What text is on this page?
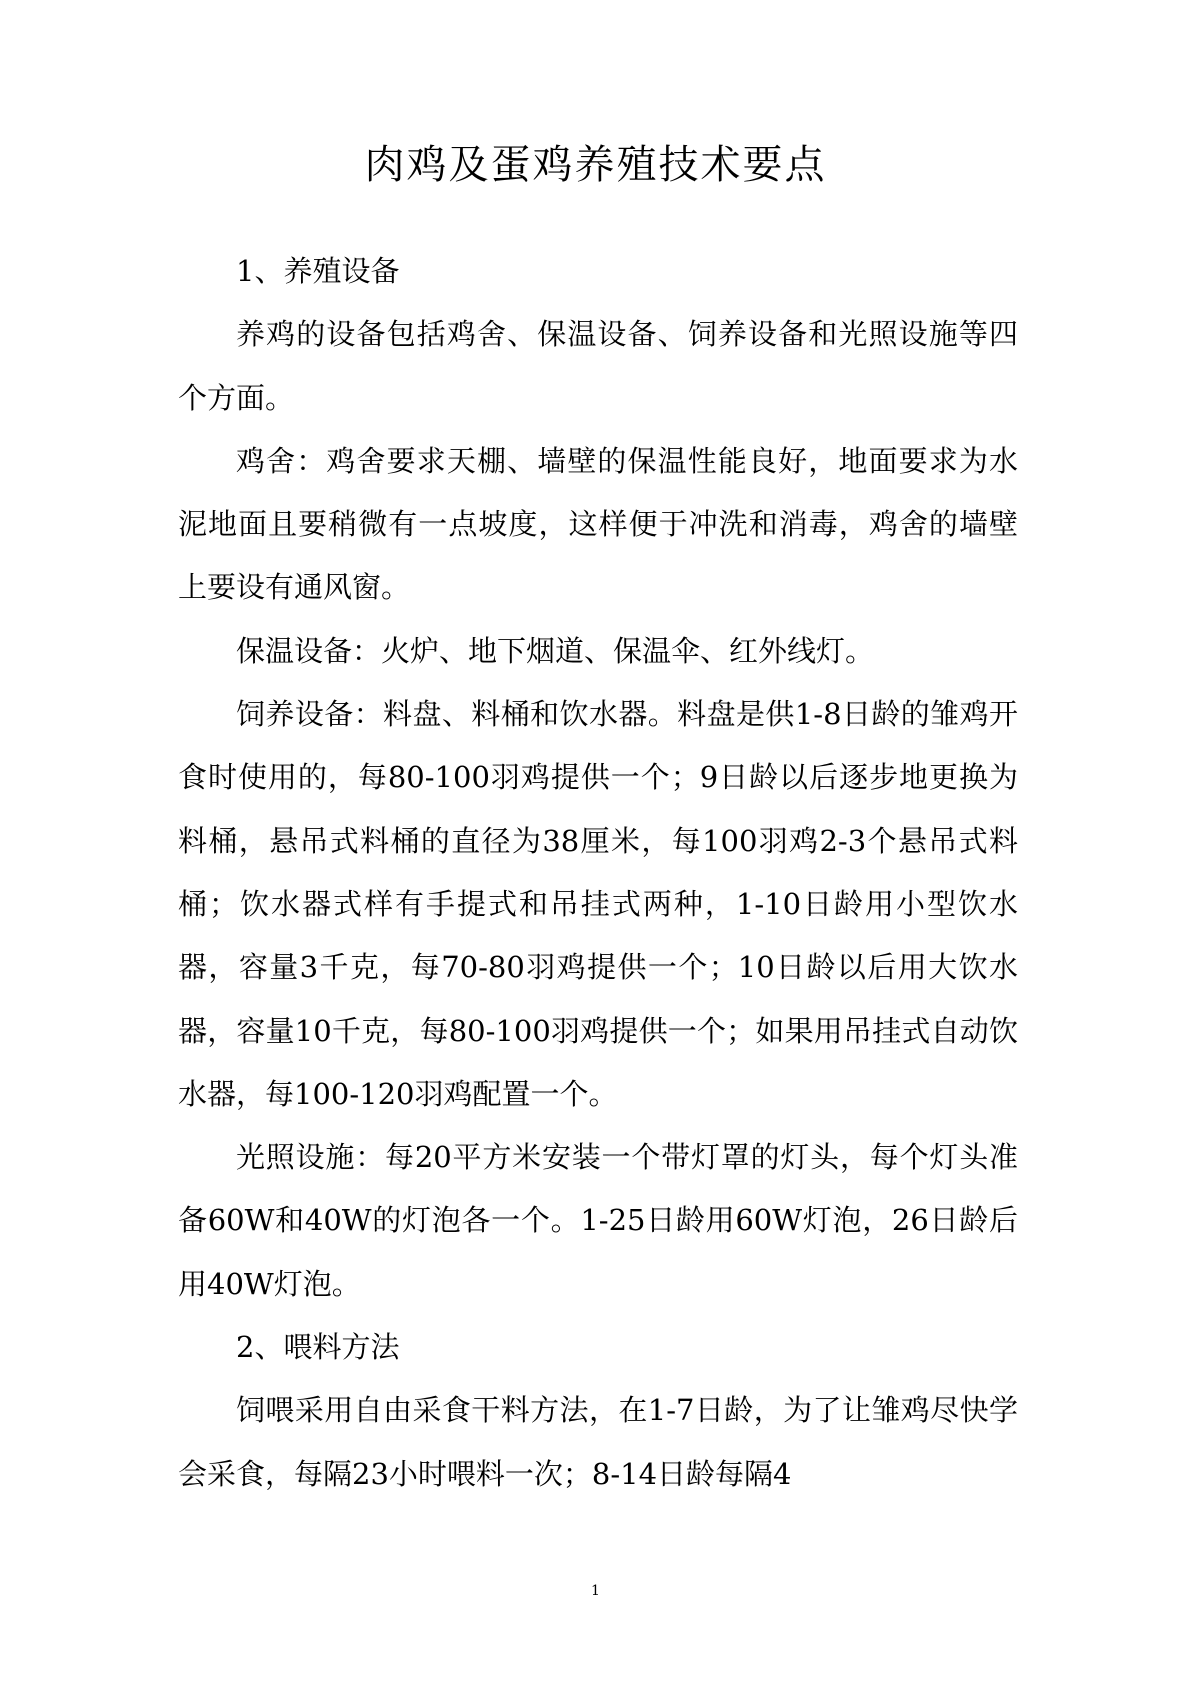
肉鸡及蛋鸡养殖技术要点

1、养殖设备

养鸡的设备包括鸡舍、保温设备、饲养设备和光照设施等四个方面。

鸡舍：鸡舍要求天棚、墙壁的保温性能良好，地面要求为水泥地面且要稍微有一点坡度，这样便于冲洗和消毒，鸡舍的墙壁上要设有通风窗。

保温设备：火炉、地下烟道、保温伞、红外线灯。

饲养设备：料盘、料桶和饮水器。料盘是供1-8日龄的雏鸡开食时使用的，每80-100羽鸡提供一个；9日龄以后逐步地更换为料桶，悬吊式料桶的直径为38厘米，每100羽鸡2-3个悬吊式料桶；饮水器式样有手提式和吊挂式两种，1-10日龄用小型饮水器，容量3千克，每70-80羽鸡提供一个；10日龄以后用大饮水器，容量10千克，每80-100羽鸡提供一个；如果用吊挂式自动饮水器，每100-120羽鸡配置一个。

光照设施：每20平方米安装一个带灯罩的灯头，每个灯头准备60W和40W的灯泡各一个。1-25日龄用60W灯泡，26日龄后用40W灯泡。

2、喂料方法

饲喂采用自由采食干料方法，在1-7日龄，为了让雏鸡尽快学会采食，每隔23小时喂料一次；8-14日龄每隔4

1
